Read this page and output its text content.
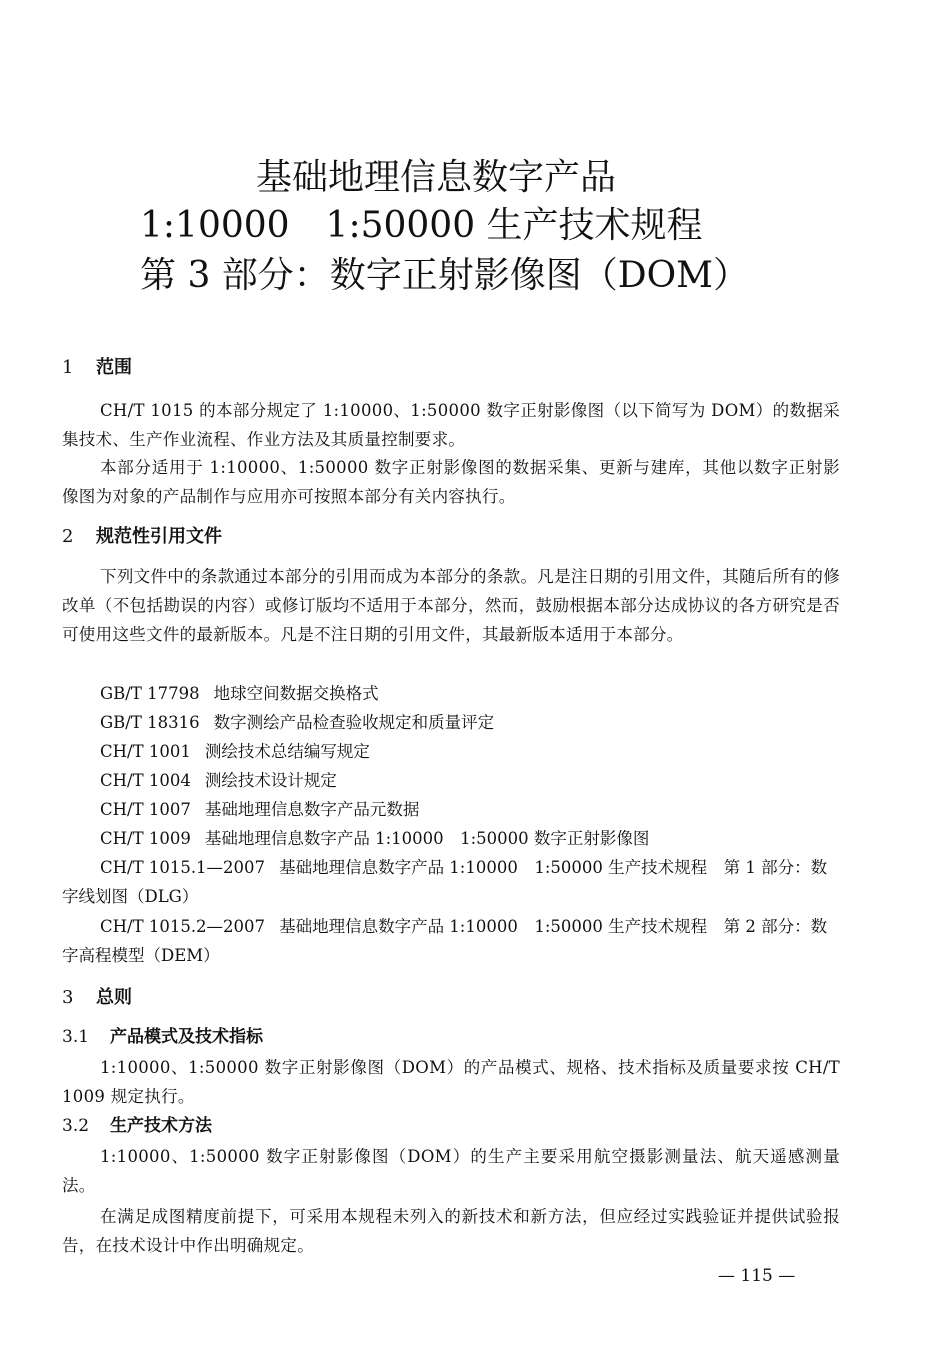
基础地理信息数字产品
1:10000　1:50000 生产技术规程
第 3 部分：数字正射影像图（DOM）
1 范围
CH/T 1015 的本部分规定了 1:10000、1:50000 数字正射影像图（以下简写为 DOM）的数据采集技术、生产作业流程、作业方法及其质量控制要求。
本部分适用于 1:10000、1:50000 数字正射影像图的数据采集、更新与建库，其他以数字正射影像图为对象的产品制作与应用亦可按照本部分有关内容执行。
2 规范性引用文件
下列文件中的条款通过本部分的引用而成为本部分的条款。凡是注日期的引用文件，其随后所有的修改单（不包括勘误的内容）或修订版均不适用于本部分，然而，鼓励根据本部分达成协议的各方研究是否可使用这些文件的最新版本。凡是不注日期的引用文件，其最新版本适用于本部分。
GB/T 17798 地球空间数据交换格式
GB/T 18316 数字测绘产品检查验收规定和质量评定
CH/T 1001 测绘技术总结编写规定
CH/T 1004 测绘技术设计规定
CH/T 1007 基础地理信息数字产品元数据
CH/T 1009 基础地理信息数字产品 1:10000　1:50000 数字正射影像图
CH/T 1015.1—2007 基础地理信息数字产品 1:10000　1:50000 生产技术规程　第 1 部分：数字线划图（DLG）
CH/T 1015.2—2007 基础地理信息数字产品 1:10000　1:50000 生产技术规程　第 2 部分：数字高程模型（DEM）
3 总则
3.1 产品模式及技术指标
1:10000、1:50000 数字正射影像图（DOM）的产品模式、规格、技术指标及质量要求按 CH/T 1009 规定执行。
3.2 生产技术方法
1:10000、1:50000 数字正射影像图（DOM）的生产主要采用航空摄影测量法、航天遥感测量法。
在满足成图精度前提下，可采用本规程未列入的新技术和新方法，但应经过实践验证并提供试验报告，在技术设计中作出明确规定。
— 115 —
